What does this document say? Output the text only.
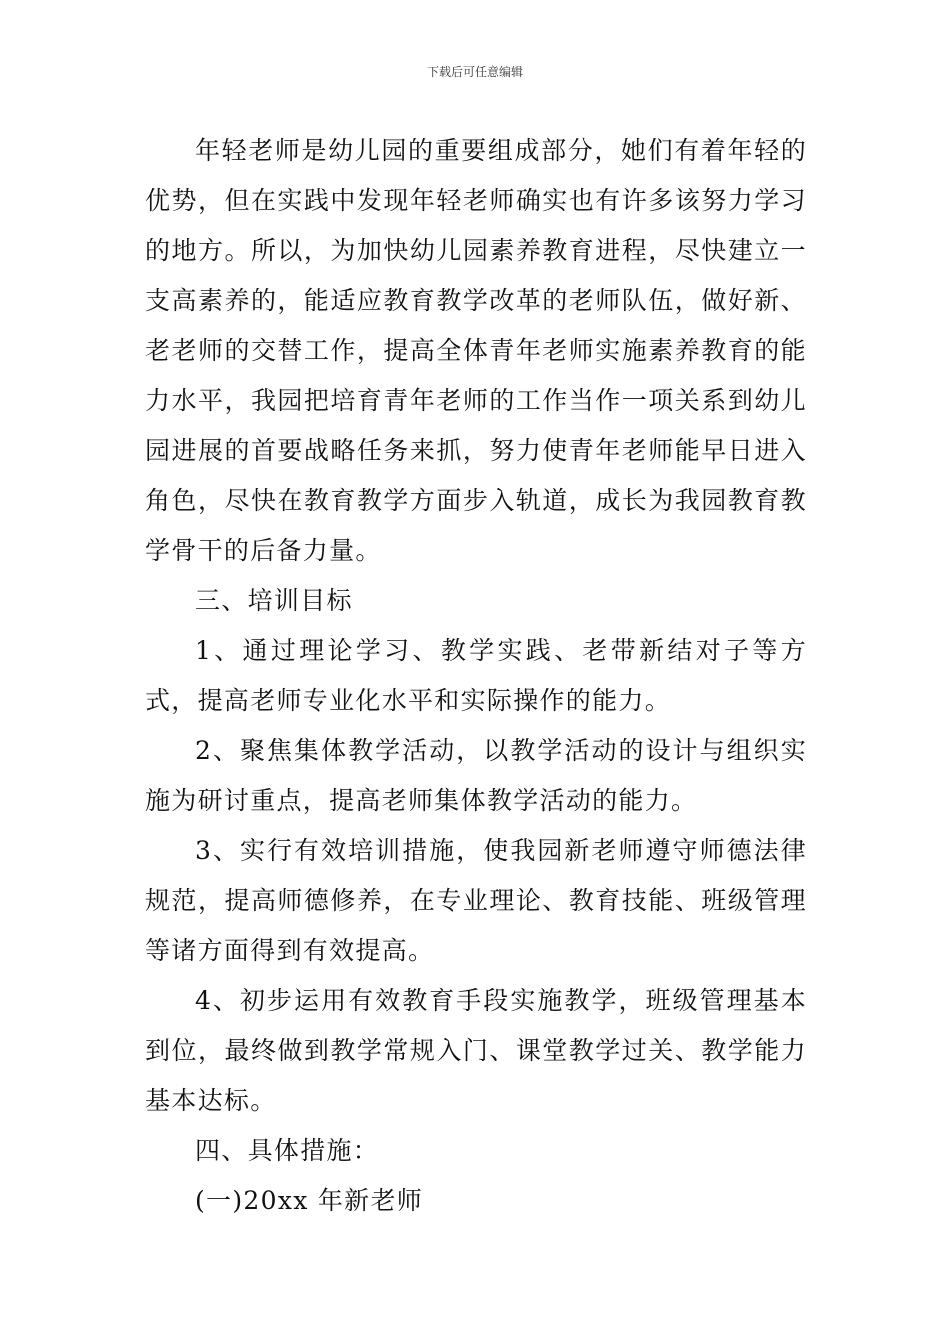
下载后可任意编辑

年轻老师是幼儿园的重要组成部分，她们有着年轻的优势，但在实践中发现年轻老师确实也有许多该努力学习的地方。所以，为加快幼儿园素养教育进程，尽快建立一支高素养的，能适应教育教学改革的老师队伍，做好新、老老师的交替工作，提高全体青年老师实施素养教育的能力水平，我园把培育青年老师的工作当作一项关系到幼儿园进展的首要战略任务来抓，努力使青年老师能早日进入角色，尽快在教育教学方面步入轨道，成长为我园教育教学骨干的后备力量。

三、培训目标

1、通过理论学习、教学实践、老带新结对子等方式，提高老师专业化水平和实际操作的能力。

2、聚焦集体教学活动，以教学活动的设计与组织实施为研讨重点，提高老师集体教学活动的能力。

3、实行有效培训措施，使我园新老师遵守师德法律规范，提高师德修养，在专业理论、教育技能、班级管理等诸方面得到有效提高。

4、初步运用有效教育手段实施教学，班级管理基本到位，最终做到教学常规入门、课堂教学过关、教学能力基本达标。

四、具体措施：

(一)20xx 年新老师
